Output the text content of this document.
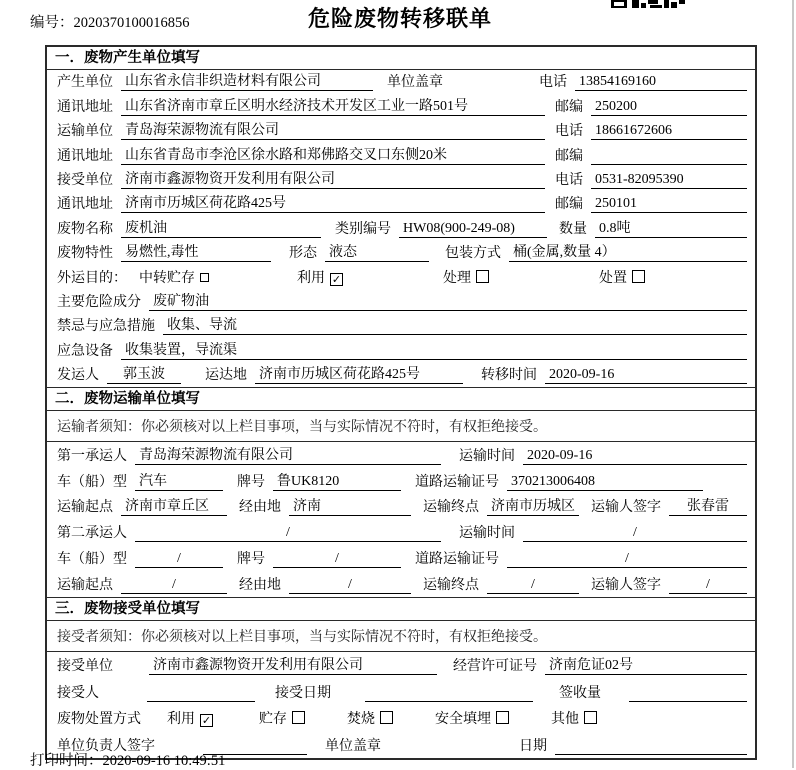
编号：2020370100016856	危险废物转移联单
一．废物产生单位填写
产生单位 山东省永信非织造材料有限公司	单位盖章	电话 13854169160
通讯地址 山东省济南市章丘区明水经济技术开发区工业一路501号	邮编 250200
运输单位 青岛海荣源物流有限公司	电话 18661672606
通讯地址 山东省青岛市李沧区徐水路和郑佛路交叉口东侧20米	邮编
接受单位 济南市鑫源物资开发利用有限公司	电话 0531-82095390
通讯地址 济南市历城区荷花路425号	邮编 250101
废物名称 废机油	类别编号 HW08(900-249-08)	数量 0.8吨
废物特性 易燃性,毒性	形态 液态	包装方式 桶(金属,数量 4）
外运目的： 中转贮存	利用 ✓	处理	处置
主要危险成分 废矿物油
禁忌与应急措施 收集、导流
应急设备 收集装置，导流渠
发运人	郭玉波	运达地 济南市历城区荷花路425号	转移时间 2020-09-16
二．废物运输单位填写
运输者须知：你必须核对以上栏目事项，当与实际情况不符时，有权拒绝接受。
第一承运人 青岛海荣源物流有限公司	运输时间 2020-09-16
车（船）型 汽车	牌号 鲁UK8120	道路运输证号 370213006408
运输起点 济南市章丘区	经由地 济南	运输终点 济南市历城区 运输人签字	张春雷
第二承运人	/	运输时间	/
车（船）型	/	牌号	/	道路运输证号	/
运输起点	/	经由地	/	运输终点	/	运输人签字	/
三．废物接受单位填写
接受者须知：你必须核对以上栏目事项，当与实际情况不符时，有权拒绝接受。
接受单位	济南市鑫源物资开发利用有限公司	经营许可证号 济南危证02号
接受人	接受日期	签收量
废物处置方式	利用 ✓	贮存	焚烧	安全填埋	其他
单位负责人签字	单位盖章	日期
打印时间：2020-09-16 10:49:51
